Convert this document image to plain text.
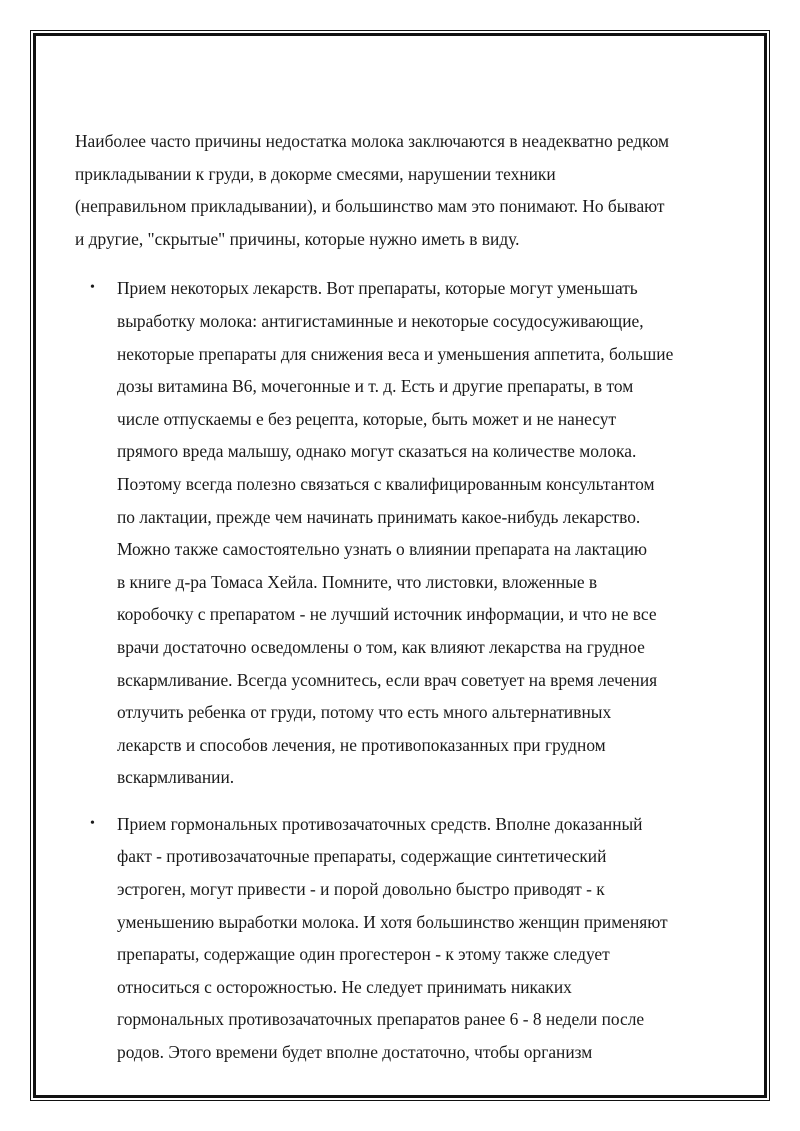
Наиболее часто причины недостатка молока заключаются в неадекватно редком
прикладывании к груди, в докорме смесями, нарушении техники
(неправильном прикладывании), и большинство мам это понимают. Но бывают
и другие, "скрытые" причины, которые нужно иметь в виду.

• Прием некоторых лекарств. Вот препараты, которые могут уменьшать
выработку молока: антигистаминные и некоторые сосудосуживающие,
некоторые препараты для снижения веса и уменьшения аппетита, большие
дозы витамина В6, мочегонные и т. д. Есть и другие препараты, в том
числе отпускаемы е без рецепта, которые, быть может и не нанесут
прямого вреда малышу, однако могут сказаться на количестве молока.
Поэтому всегда полезно связаться с квалифицированным консультантом
по лактации, прежде чем начинать принимать какое-нибудь лекарство.
Можно также самостоятельно узнать о влиянии препарата на лактацию
в книге д-ра Томаса Хейла. Помните, что листовки, вложенные в
коробочку с препаратом - не лучший источник информации, и что не все
врачи достаточно осведомлены о том, как влияют лекарства на грудное
вскармливание. Всегда усомнитесь, если врач советует на время лечения
отлучить ребенка от груди, потому что есть много альтернативных
лекарств и способов лечения, не противопоказанных при грудном
вскармливании.
• Прием гормональных противозачаточных средств. Вполне доказанный
факт - противозачаточные препараты, содержащие синтетический
эстроген, могут привести - и порой довольно быстро приводят - к
уменьшению выработки молока. И хотя большинство женщин применяют
препараты, содержащие один прогестерон - к этому также следует
относиться с осторожностью. Не следует принимать никаких
гормональных противозачаточных препаратов ранее 6 - 8 недели после
родов. Этого времени будет вполне достаточно, чтобы организм
